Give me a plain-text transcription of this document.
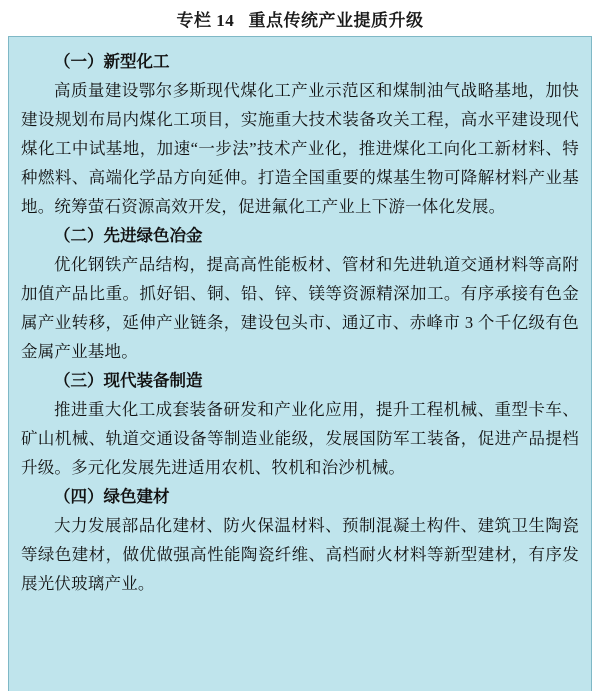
专栏 14   重点传统产业提质升级
（一）新型化工
高质量建设鄂尔多斯现代煤化工产业示范区和煤制油气战略基地，加快建设规划布局内煤化工项目，实施重大技术装备攻关工程，高水平建设现代煤化工中试基地，加速“一步法”技术产业化，推进煤化工向化工新材料、特种燃料、高端化学品方向延伸。打造全国重要的煤基生物可降解材料产业基地。统筹萤石资源高效开发，促进氟化工产业上下游一体化发展。
（二）先进绿色冶金
优化钢铁产品结构，提高高性能板材、管材和先进轨道交通材料等高附加值产品比重。抓好铝、铜、铅、锌、镁等资源精深加工。有序承接有色金属产业转移，延伸产业链条，建设包头市、通辽市、赤峰市 3 个千亿级有色金属产业基地。
（三）现代装备制造
推进重大化工成套装备研发和产业化应用，提升工程机械、重型卡车、矿山机械、轨道交通设备等制造业能级，发展国防军工装备，促进产品提档升级。多元化发展先进适用农机、牧机和治沙机械。
（四）绿色建材
大力发展部品化建材、防火保温材料、预制混凝土构件、建筑卫生陶瓷等绿色建材，做优做强高性能陶瓷纤维、高档耐火材料等新型建材，有序发展光伏玻璃产业。
